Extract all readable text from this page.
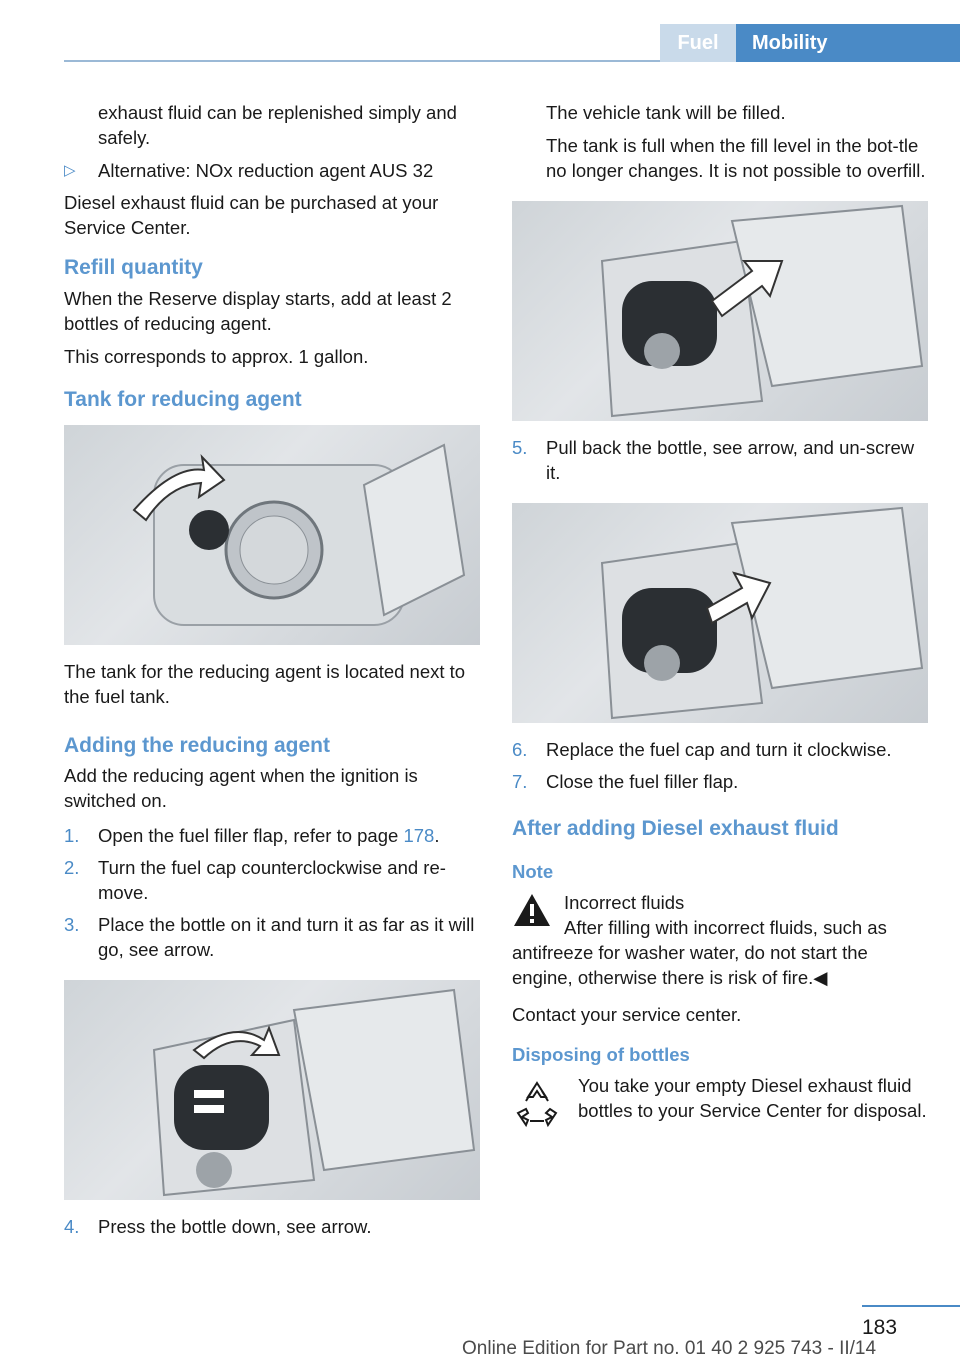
Fuel	Mobility

exhaust fluid can be replenished simply and safely.

▷	Alternative: NOx reduction agent AUS 32

Diesel exhaust fluid can be purchased at your Service Center.

Refill quantity

When the Reserve display starts, add at least 2 bottles of reducing agent.

This corresponds to approx. 1 gallon.

Tank for reducing agent

The tank for the reducing agent is located next to the fuel tank.

Adding the reducing agent

Add the reducing agent when the ignition is switched on.

1.	Open the fuel filler flap, refer to page 178.
2.	Turn the fuel cap counterclockwise and re‐move.
3.	Place the bottle on it and turn it as far as it will go, see arrow.
4.	Press the bottle down, see arrow.

The vehicle tank will be filled.

The tank is full when the fill level in the bot‐tle no longer changes. It is not possible to overfill.

5.	Pull back the bottle, see arrow, and un‐screw it.
6.	Replace the fuel cap and turn it clockwise.
7.	Close the fuel filler flap.
After adding Diesel exhaust fluid
Note

Incorrect fluids

After filling with incorrect fluids, such as antifreeze for washer water, do not start the engine, otherwise there is risk of fire.◀

Contact your service center.

Disposing of bottles

You take your empty Diesel exhaust fluid bottles to your Service Center for disposal.

183
Online Edition for Part no. 01 40 2 925 743 - II/14
